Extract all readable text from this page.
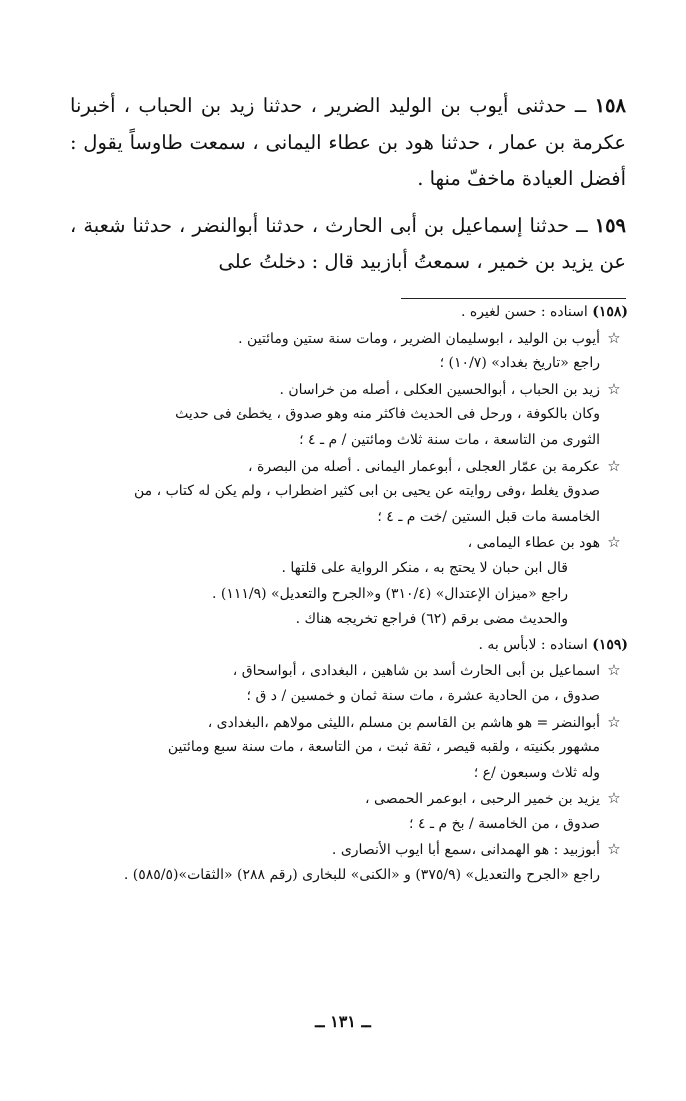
١٥٨ ــ حدثنى أيوب بن الوليد الضرير ، حدثنا زيد بن الحباب ، أخبرنا عكرمة بن عمار ، حدثنا هود بن عطاء اليمانى ، سمعت طاوساً يقول : أفضل العيادة ماخفّ منها .

١٥٩ ــ حدثنا إسماعيل بن أبى الحارث ، حدثنا أبوالنضر ، حدثنا شعبة ، عن يزيد بن خمير ، سمعتُ أبازبيد قال : دخلتُ على

(١٥٨) اسناده : حسن لغيره .
☆أيوب بن الوليد ، ابوسليمان الضرير ، ومات سنة ستين ومائتين .
راجع «تاريخ بغداد» (١٠/٧) ؛
☆زيد بن الحباب ، أبوالحسين العكلى ، أصله من خراسان .
وكان بالكوفة ، ورحل فى الحديث فاكثر منه وهو صدوق ، يخطئ فى حديث
الثورى من التاسعة ، مات سنة ثلاث ومائتين / م ـ ٤ ؛
☆عكرمة بن عمّار العجلى ، أبوعمار اليمانى . أصله من البصرة ،
صدوق يغلط ،وفى روايته عن يحيى بن ابى كثير اضطراب ، ولم يكن له كتاب ، من
الخامسة مات قبل الستين /خت م ـ ٤ ؛
☆هود بن عطاء اليمامى ،
قال ابن حبان لا يحتج به ، منكر الرواية على قلتها .
راجع «ميزان الإعتدال» (٣١٠/٤) و«الجرح والتعديل» (١١١/٩) .
والحديث مضى برقم (٦٢) فراجع تخريجه هناك .
(١٥٩) اسناده : لابأس به .
☆اسماعيل بن أبى الحارث أسد بن شاهين ، البغدادى ، أبواسحاق ،
صدوق ، من الحادية عشرة ، مات سنة ثمان و خمسين / د ق ؛
☆أبوالنضر = هو هاشم بن القاسم بن مسلم ،الليثى مولاهم ،البغدادى ،
مشهور بكنيته ، ولقبه قيصر ، ثقة ثبت ، من التاسعة ، مات سنة سبع ومائتين
وله ثلاث وسبعون /ع ؛
☆يزيد بن خمير الرحبى ، ابوعمر الحمصى ،
صدوق ، من الخامسة / بخ م ـ ٤ ؛
☆أبوزبيد : هو الهمدانى ،سمع أبا ايوب الأنصارى .
راجع «الجرح والتعديل» (٣٧٥/٩) و «الكنى» للبخارى (رقم ٢٨٨) «الثقات»(٥٨٥/٥) .
ــ ١٣١ ــ
